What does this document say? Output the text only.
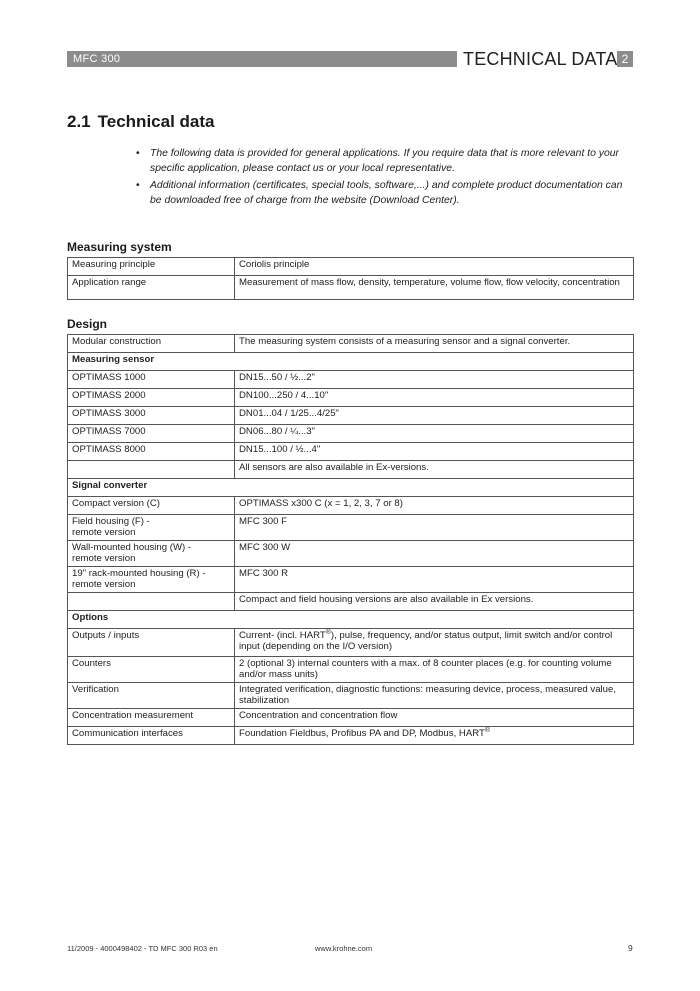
MFC 300	TECHNICAL DATA 2
2.1 Technical data
• The following data is provided for general applications. If you require data that is more relevant to your specific application, please contact us or your local representative.
• Additional information (certificates, special tools, software,...) and complete product documentation can be downloaded free of charge from the website (Download Center).
Measuring system
Measuring principle	Coriolis principle
Application range	Measurement of mass flow, density, temperature, volume flow, flow velocity, concentration
Design
Modular construction	The measuring system consists of a measuring sensor and a signal converter.
Measuring sensor	
OPTIMASS 1000	DN15...50 / ½...2"
OPTIMASS 2000	DN100...250 / 4...10"
OPTIMASS 3000	DN01...04 / 1/25...4/25"
OPTIMASS 7000	DN06...80 / ¼...3"
OPTIMASS 8000	DN15...100 / ½...4"
	All sensors are also available in Ex-versions.
Signal converter	
Compact version (C)	OPTIMASS x300 C (x = 1, 2, 3, 7 or 8)
Field housing (F) -
remote version	MFC 300 F
Wall-mounted housing (W) -
remote version	MFC 300 W
19" rack-mounted housing (R) -
remote version	MFC 300 R
	Compact and field housing versions are also available in Ex versions.
Options	
Outputs / inputs	Current- (incl. HART®), pulse, frequency, and/or status output, limit switch and/or control input (depending on the I/O version)
Counters	2 (optional 3) internal counters with a max. of 8 counter places (e.g. for counting volume and/or mass units)
Verification	Integrated verification, diagnostic functions: measuring device, process, measured value, stabilization
Concentration measurement	Concentration and concentration flow
Communication interfaces	Foundation Fieldbus, Profibus PA and DP, Modbus, HART®
11/2009 - 4000498402 - TD MFC 300 R03 en	www.krohne.com	9
